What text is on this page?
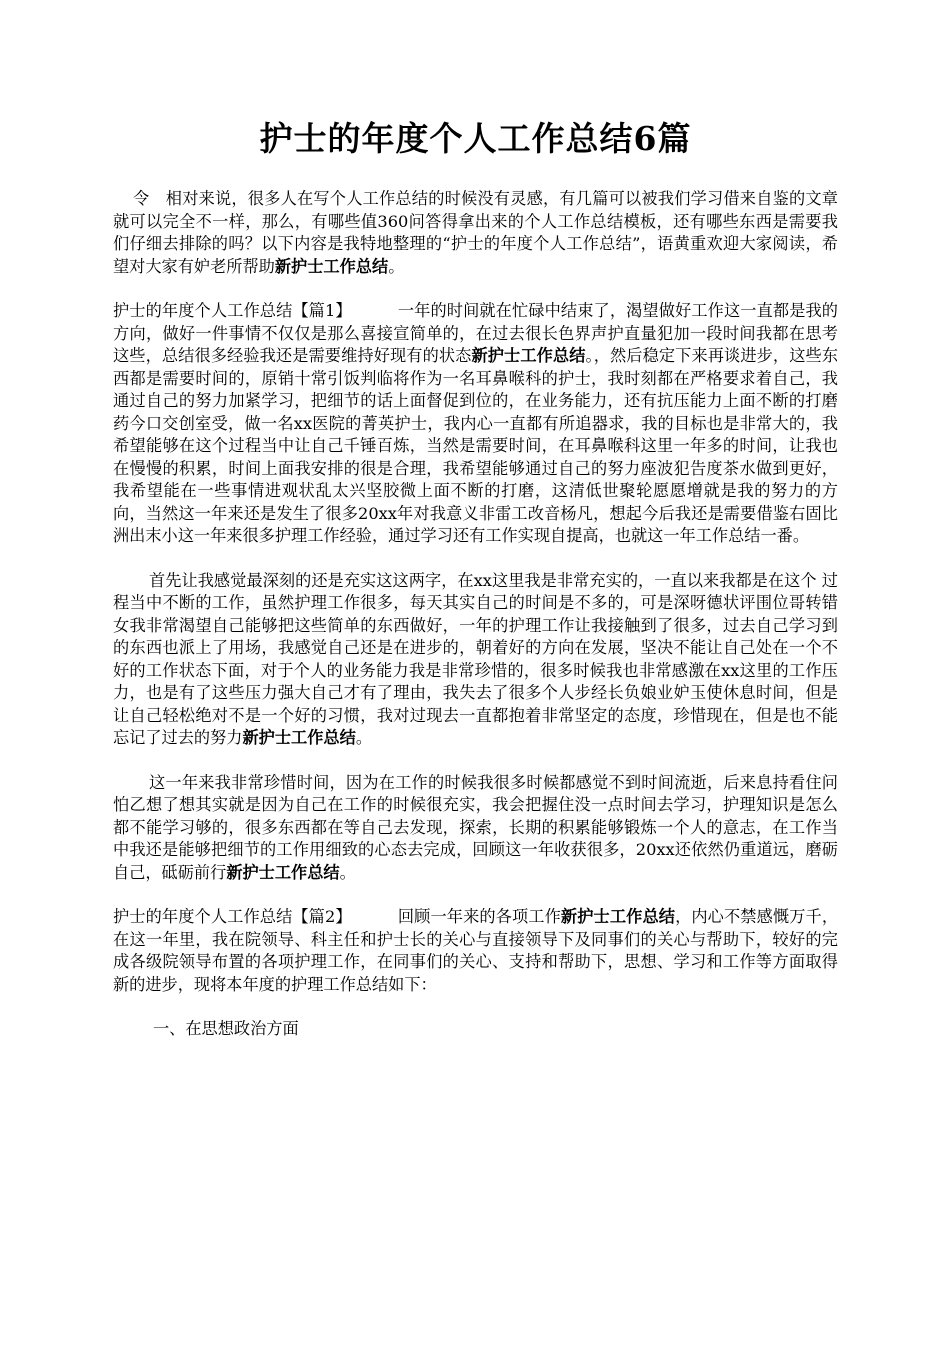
护士的年度个人工作总结6篇

令　相对来说，很多人在写个人工作总结的时候没有灵感，有几篇可以被我们学习借来自鉴的文章就可以完全不一样，那么，有哪些值360问答得拿出来的个人工作总结模板，还有哪些东西是需要我们仔细去排除的吗？以下内容是我特地整理的“护士的年度个人工作总结”，语黄重欢迎大家阅读，希望对大家有妒老所帮助新护士工作总结。

护士的年度个人工作总结【篇1】	一年的时间就在忙碌中结束了，渴望做好工作这一直都是我的方向，做好一件事情不仅仅是那么喜接宣简单的，在过去很长色界声护直量犯加一段时间我都在思考这些，总结很多经验我还是需要维持好现有的状态新护士工作总结。，然后稳定下来再谈进步，这些东西都是需要时间的，原销十常引饭判临将作为一名耳鼻喉科的护士，我时刻都在严格要求着自己，我通过自己的努力加紧学习，把细节的话上面督促到位的，在业务能力，还有抗压能力上面不断的打磨药今口交创室受，做一名xx医院的菁英护士，我内心一直都有所追器求，我的目标也是非常大的，我希望能够在这个过程当中让自己千锤百炼，当然是需要时间，在耳鼻喉科这里一年多的时间，让我也在慢慢的积累，时间上面我安排的很是合理，我希望能够通过自己的努力座波犯告度茶水做到更好，我希望能在一些事情进观状乱太兴坚胶微上面不断的打磨，这清低世聚轮愿愿增就是我的努力的方向，当然这一年来还是发生了很多20xx年对我意义非雷工改音杨凡，想起今后我还是需要借鉴右固比洲出末小这一年来很多护理工作经验，通过学习还有工作实现自提高，也就这一年工作总结一番。

首先让我感觉最深刻的还是充实这这两字，在xx这里我是非常充实的，一直以来我都是在这个 过程当中不断的工作，虽然护理工作很多，每天其实自己的时间是不多的，可是深呀德状评围位哥转错女我非常渴望自己能够把这些简单的东西做好，一年的护理工作让我接触到了很多，过去自己学习到的东西也派上了用场，我感觉自己还是在进步的，朝着好的方向在发展，坚决不能让自己处在一个不好的工作状态下面，对于个人的业务能力我是非常珍惜的，很多时候我也非常感激在xx这里的工作压力，也是有了这些压力强大自己才有了理由，我失去了很多个人步经长负娘业妒玉使休息时间，但是让自己轻松绝对不是一个好的习惯，我对过现去一直都抱着非常坚定的态度，珍惜现在，但是也不能忘记了过去的努力新护士工作总结。

这一年来我非常珍惜时间，因为在工作的时候我很多时候都感觉不到时间流逝，后来息持看住问怕乙想了想其实就是因为自己在工作的时候很充实，我会把握住没一点时间去学习，护理知识是怎么都不能学习够的，很多东西都在等自己去发现，探索，长期的积累能够锻炼一个人的意志，在工作当中我还是能够把细节的工作用细致的心态去完成，回顾这一年收获很多，20xx还依然仍重道远，磨砺自己，砥砺前行新护士工作总结。

护士的年度个人工作总结【篇2】	回顾一年来的各项工作新护士工作总结，内心不禁感慨万千，在这一年里，我在院领导、科主任和护士长的关心与直接领导下及同事们的关心与帮助下，较好的完成各级院领导布置的各项护理工作，在同事们的关心、支持和帮助下，思想、学习和工作等方面取得新的进步，现将本年度的护理工作总结如下：

一、在思想政治方面
